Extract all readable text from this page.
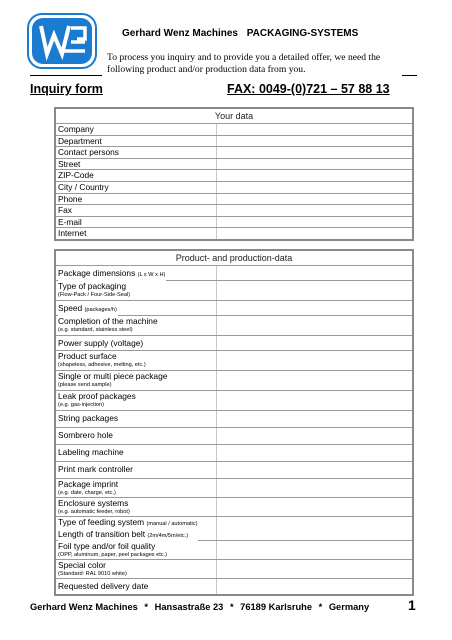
Gerhard Wenz Machines PACKAGING-SYSTEMS
To process you inquiry and to provide you a detailed offer, we need the following product and/or production data from you.
Inquiry form	FAX: 0049-(0)721 – 57 88 13
Your data
Company
Department
Contact persons
Street
ZIP-Code
City / Country
Phone
Fax
E-mail
Internet
Product- and production-data
Package dimensions (L x W x H)
Type of packaging
(Flow-Pack / Four-Side-Seal)
Speed (packages/h)
Completion of the machine
(e.g. standard, stainless steel)
Power supply (voltage)
Product surface
(shapeless, adhesive, melting, etc.)
Single or multi piece package
(please send sample)
Leak proof packages
(e.g. gas-injection)
String packages
Sombrero hole
Labeling machine
Print mark controller
Package imprint
(e.g. date, charge, etc.)
Enclosure systems
(e.g. automatic feeder, robot)
Type of feeding system (manual / automatic)
Length of transition belt (2m/4m/5m/etc.)
Foil type and/or foil quality
(OPP, aluminum, paper, peel packages etc.)
Special color
(Standard: RAL 9010 white)
Requested delivery date
Gerhard Wenz Machines * Hansastraße 23 * 76189 Karlsruhe * Germany	1
